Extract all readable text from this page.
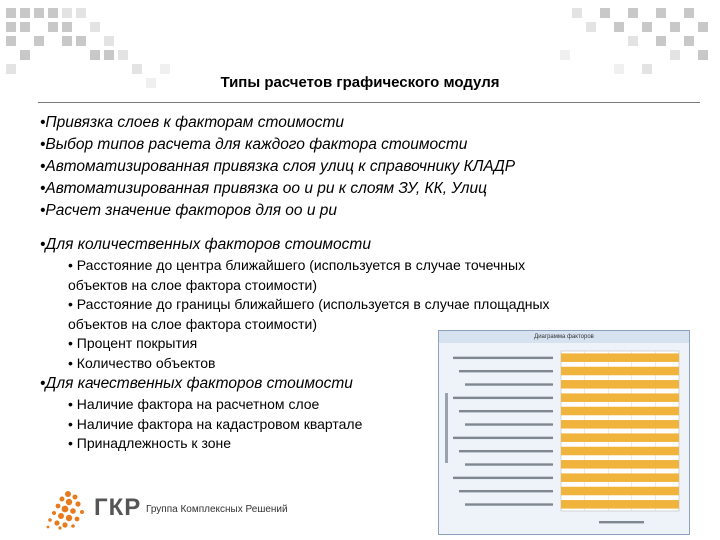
Типы расчетов графического модуля
•Привязка слоев к факторам стоимости
•Выбор типов расчета для каждого фактора стоимости
•Автоматизированная привязка слоя улиц к справочнику КЛАДР
•Автоматизированная привязка оо и ри к слоям ЗУ, КК, Улиц
•Расчет значение факторов для оо и ри
•Для количественных факторов стоимости
• Расстояние до центра ближайшего (используется в случае точечных
объектов на слое фактора стоимости)
• Расстояние до границы ближайшего (используется в случае площадных
объектов на слое фактора стоимости)
• Процент покрытия
• Количество объектов
•Для качественных факторов стоимости
• Наличие фактора на расчетном слое
• Наличие фактора на кадастровом квартале
• Принадлежность к зоне
Диаграмма факторов
ГКР Группа Комплексных Решений
